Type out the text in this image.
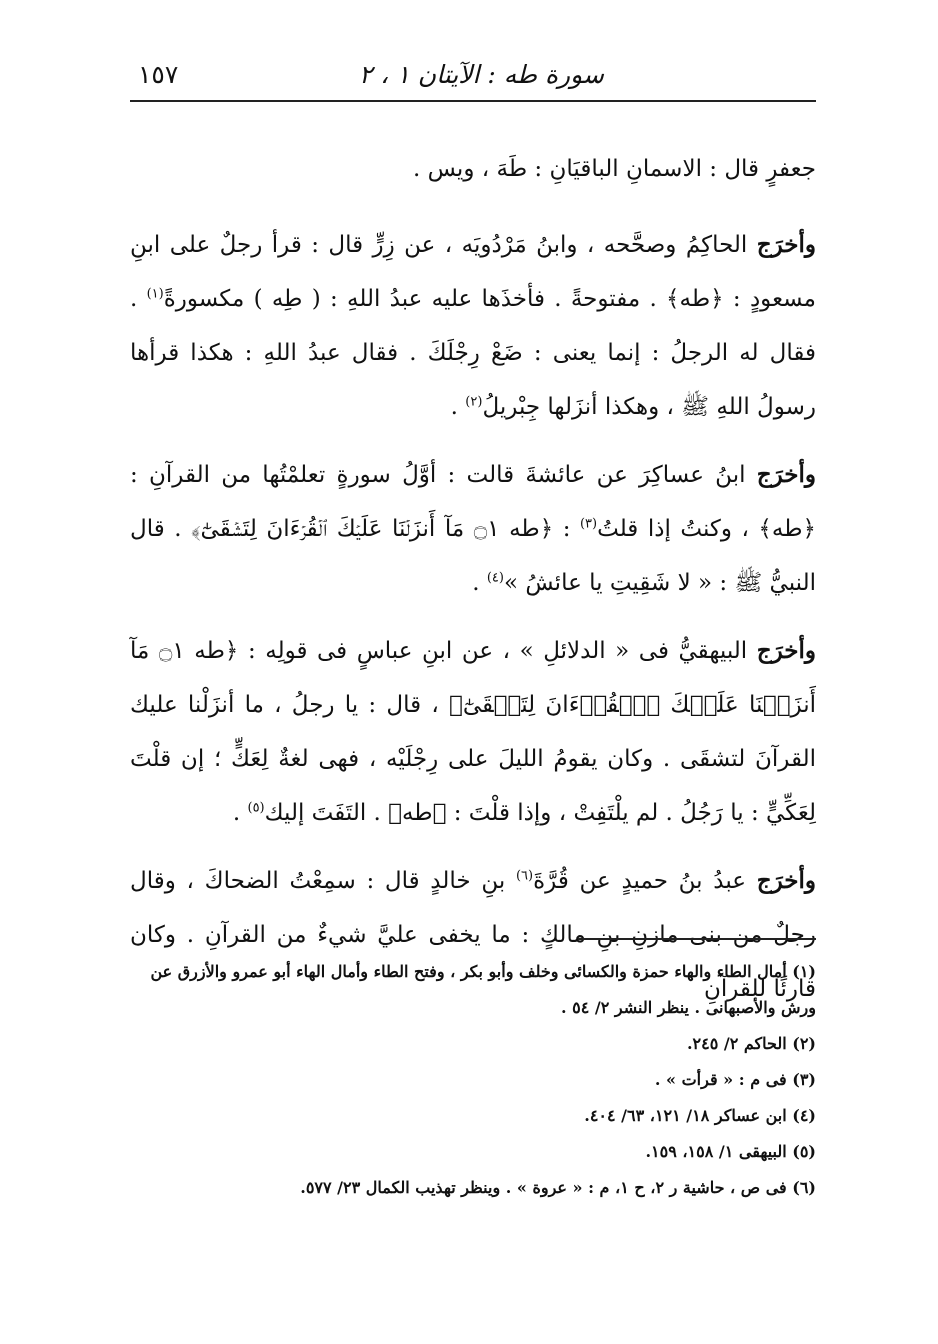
سورة طه : الآيتان ١ ، ٢
١٥٧

جعفرٍ قال : الاسمانِ الباقيَانِ : طَهَ ، ويس .

وأخرَج الحاكِمُ وصحَّحه ، وابنُ مَرْدُويَه ، عن زِرٍّ قال : قرأ رجلٌ على ابنِ مسعودٍ : ﴿طه﴾ . مفتوحةً . فأخذَها عليه عبدُ اللهِ : ( طِه ) مكسورةً$^{(١)}$ . فقال له الرجلُ : إنما يعنى : ضَعْ رِجْلَكَ . فقال عبدُ اللهِ : هكذا قرأها رسولُ اللهِ ﷺ ، وهكذا أنزَلها جِبْريلُ$^{(٢)}$ .

وأخرَج ابنُ عساكِرَ عن عائشةَ قالت : أوَّلُ سورةٍ تعلمْتُها من القرآنِ : ﴿طه﴾ ، وكنتُ إذا قلتُ$^{(٣)}$ : ﴿طه ۝١ مَآ أَنزَلۡنَا عَلَيۡكَ ٱلۡقُرۡءَانَ لِتَشۡقَىٰٓ﴾ . قال النبيُّ ﷺ : « لا شَقِيتِ يا عائشُ »$^{(٤)}$ .

وأخرَج البيهقيُّ فى « الدلائلِ » ، عن ابنِ عباسٍ فى قولِه : ﴿طه ۝١ مَآ أَنزَلۡنَا عَلَيۡكَ ٱلۡقُرۡءَانَ لِتَشۡقَىٰٓ﴾ ، قال : يا رجلُ ، ما أنزَلْنا عليك القرآنَ لتشقَى . وكان يقومُ الليلَ على رِجْلَيْه ، فهى لغةٌ لِعَكٍّ ؛ إن قلْتَ لِعَكِّيٍّ : يا رَجُلُ . لم يلْتَفِتْ ، وإذا قلْتَ : ﴿طه﴾ . التَفَتَ إليك$^{(٥)}$ .

وأخرَج عبدُ بنُ حميدٍ عن قُرَّةَ$^{(٦)}$ بنِ خالدٍ قال : سمِعْتُ الضحاكَ ، وقال رجلٌ من بنى مازنِ بنِ مالكٍ : ما يخفى عليَّ شيءٌ من القرآنِ . وكان قارئًا للقرآنِ

(١) أمال الطاء والهاء حمزة والكسائى وخلف وأبو بكر ، وفتح الطاء وأمال الهاء أبو عمرو والأزرق عن ورش والأصبهانى . ينظر النشر ٢/ ٥٤ .

(٢) الحاكم ٢/ ٢٤٥.

(٣) فى م : « قرأت » .

(٤) ابن عساكر ١٨/ ١٢١، ٦٣/ ٤٠٤.

(٥) البيهقى ١/ ١٥٨، ١٥٩.

(٦) فى ص ، حاشية ر ٢، ح ١، م : « عروة » . وينظر تهذيب الكمال ٢٣/ ٥٧٧.
